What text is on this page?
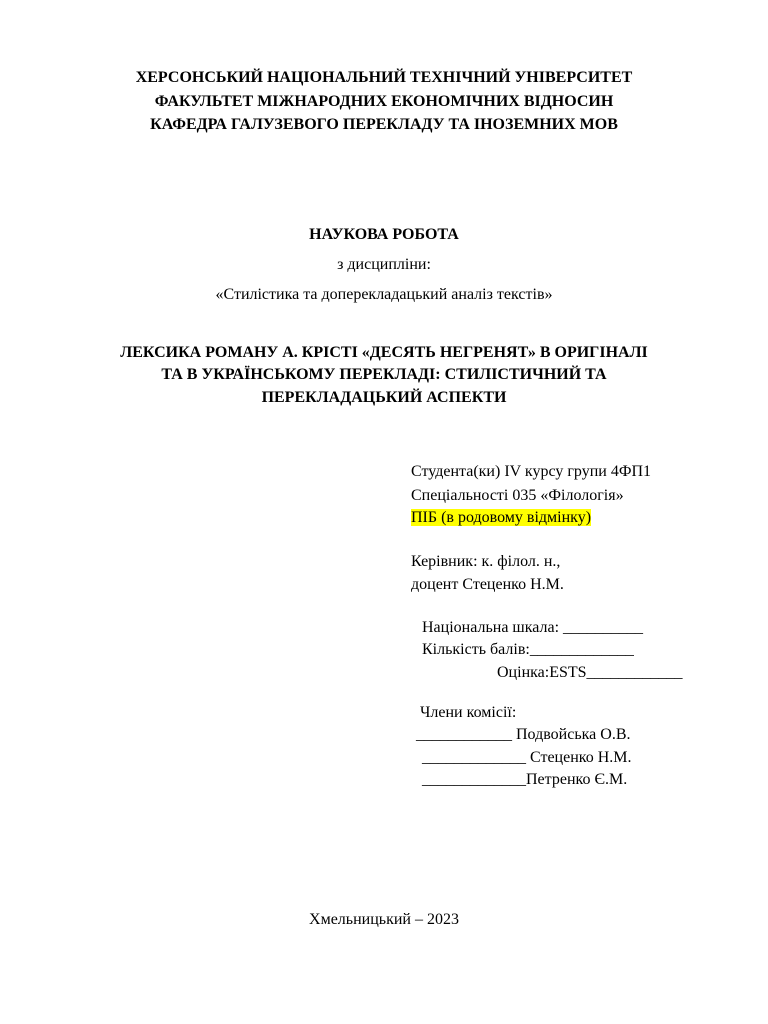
ХЕРСОНСЬКИЙ НАЦІОНАЛЬНИЙ ТЕХНІЧНИЙ УНІВЕРСИТЕТ
ФАКУЛЬТЕТ МІЖНАРОДНИХ ЕКОНОМІЧНИХ ВІДНОСИН
КАФЕДРА ГАЛУЗЕВОГО ПЕРЕКЛАДУ ТА ІНОЗЕМНИХ МОВ
НАУКОВА РОБОТА
з дисципліни:
«Стилістика та доперекладацький аналіз текстів»
ЛЕКСИКА РОМАНУ А. КРІСТІ «ДЕСЯТЬ НЕГРЕНЯТ» В ОРИГІНАЛІ
ТА В УКРАЇНСЬКОМУ ПЕРЕКЛАДІ: СТИЛІСТИЧНИЙ ТА
ПЕРЕКЛАДАЦЬКИЙ АСПЕКТИ
Студента(ки) IV курсу групи 4ФП1
Спеціальності 035 «Філологія»
ПІБ (в родовому відмінку)
Керівник: к. філол. н.,
доцент Стеценко Н.М.
Національна шкала: __________
Кількість балів:_____________
Оцінка:ESTS____________
Члени комісії:
____________ Подвойська О.В.
_____________ Стеценко Н.М.
_____________Петренко Є.М.
Хмельницький – 2023
